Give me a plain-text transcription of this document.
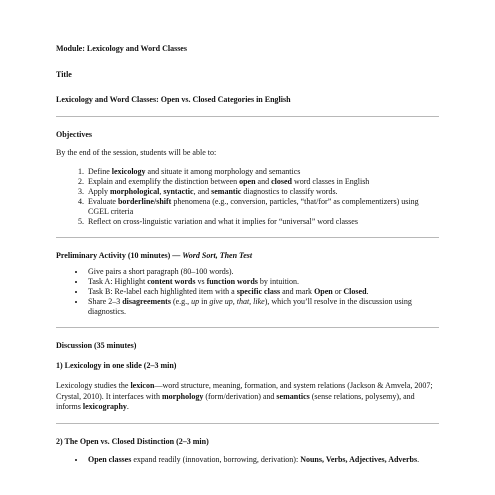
Module: Lexicology and Word Classes

Title

Lexicology and Word Classes: Open vs. Closed Categories in English

Objectives

By the end of the session, students will be able to:

1. Define lexicology and situate it among morphology and semantics
2. Explain and exemplify the distinction between open and closed word classes in English
3. Apply morphological, syntactic, and semantic diagnostics to classify words.
4. Evaluate borderline/shift phenomena (e.g., conversion, particles, “that/for” as complementizers) using CGEL criteria
5. Reflect on cross-linguistic variation and what it implies for “universal” word classes

Preliminary Activity (10 minutes) — Word Sort, Then Test

• Give pairs a short paragraph (80–100 words).
• Task A: Highlight content words vs function words by intuition.
• Task B: Re-label each highlighted item with a specific class and mark Open or Closed.
• Share 2–3 disagreements (e.g., up in give up, that, like), which you’ll resolve in the discussion using diagnostics.

Discussion (35 minutes)

1) Lexicology in one slide (2–3 min)

Lexicology studies the lexicon—word structure, meaning, formation, and system relations (Jackson & Amvela, 2007; Crystal, 2010). It interfaces with morphology (form/derivation) and semantics (sense relations, polysemy), and informs lexicography.

2) The Open vs. Closed Distinction (2–3 min)

• Open classes expand readily (innovation, borrowing, derivation): Nouns, Verbs, Adjectives, Adverbs.
